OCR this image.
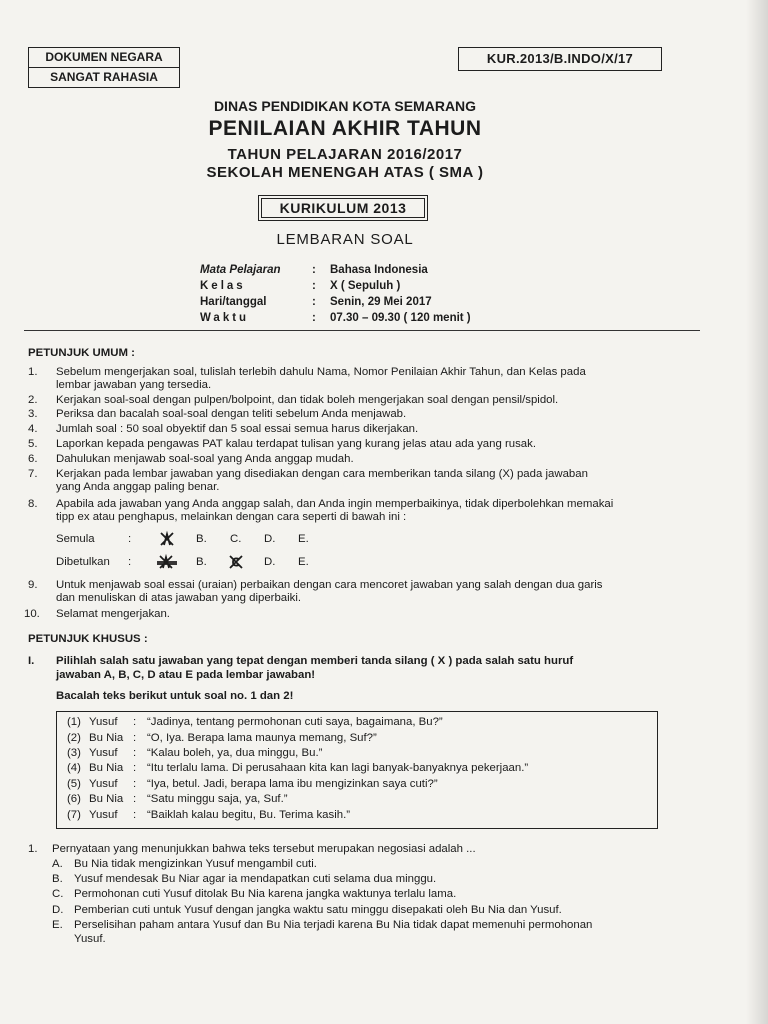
DOKUMEN NEGARA
SANGAT RAHASIA
KUR.2013/B.INDO/X/17
DINAS PENDIDIKAN KOTA SEMARANG
PENILAIAN AKHIR TAHUN
TAHUN PELAJARAN 2016/2017
SEKOLAH MENENGAH ATAS ( SMA )
KURIKULUM 2013
LEMBARAN SOAL
Mata Pelajaran	:	Bahasa Indonesia
Kelas	:	X ( Sepuluh )
Hari/tanggal	:	Senin, 29 Mei 2017
Waktu	:	07.30 – 09.30 ( 120 menit )
PETUNJUK UMUM :
1. Sebelum mengerjakan soal, tulislah terlebih dahulu Nama, Nomor Penilaian Akhir Tahun, dan Kelas pada
lembar jawaban yang tersedia.
2. Kerjakan soal-soal dengan pulpen/bolpoint, dan tidak boleh mengerjakan soal dengan pensil/spidol.
3. Periksa dan bacalah soal-soal dengan teliti sebelum Anda menjawab.
4. Jumlah soal : 50 soal obyektif dan 5 soal essai semua harus dikerjakan.
5. Laporkan kepada pengawas PAT kalau terdapat tulisan yang kurang jelas atau ada yang rusak.
6. Dahulukan menjawab soal-soal yang Anda anggap mudah.
7. Kerjakan pada lembar jawaban yang disediakan dengan cara memberikan tanda silang (X) pada jawaban
yang Anda anggap paling benar.
8. Apabila ada jawaban yang Anda anggap salah, dan Anda ingin memperbaikinya, tidak diperbolehkan memakai
tipp ex atau penghapus, melainkan dengan cara seperti di bawah ini :
Semula	:	B. C. D. E.
Dibetulkan :	B.	D. E.
9. Untuk menjawab soal essai (uraian) perbaikan dengan cara mencoret jawaban yang salah dengan dua garis
dan menuliskan di atas jawaban yang diperbaiki.
10. Selamat mengerjakan.
PETUNJUK KHUSUS :
I. Pilihlah salah satu jawaban yang tepat dengan memberi tanda silang ( X ) pada salah satu huruf
jawaban A, B, C, D atau E pada lembar jawaban!
Bacalah teks berikut untuk soal no. 1 dan 2!
(1) Yusuf : “Jadinya, tentang permohonan cuti saya, bagaimana, Bu?”
(2) Bu Nia : “O, Iya. Berapa lama maunya memang, Suf?”
(3) Yusuf : “Kalau boleh, ya, dua minggu, Bu.”
(4) Bu Nia : “Itu terlalu lama. Di perusahaan kita kan lagi banyak-banyaknya pekerjaan.”
(5) Yusuf : “Iya, betul. Jadi, berapa lama ibu mengizinkan saya cuti?”
(6) Bu Nia : “Satu minggu saja, ya, Suf.”
(7) Yusuf : “Baiklah kalau begitu, Bu. Terima kasih.”
1. Pernyataan yang menunjukkan bahwa teks tersebut merupakan negosiasi adalah ...
A. Bu Nia tidak mengizinkan Yusuf mengambil cuti.
B. Yusuf mendesak Bu Niar agar ia mendapatkan cuti selama dua minggu.
C. Permohonan cuti Yusuf ditolak Bu Nia karena jangka waktunya terlalu lama.
D. Pemberian cuti untuk Yusuf dengan jangka waktu satu minggu disepakati oleh Bu Nia dan Yusuf.
E. Perselisihan paham antara Yusuf dan Bu Nia terjadi karena Bu Nia tidak dapat memenuhi permohonan
Yusuf.
